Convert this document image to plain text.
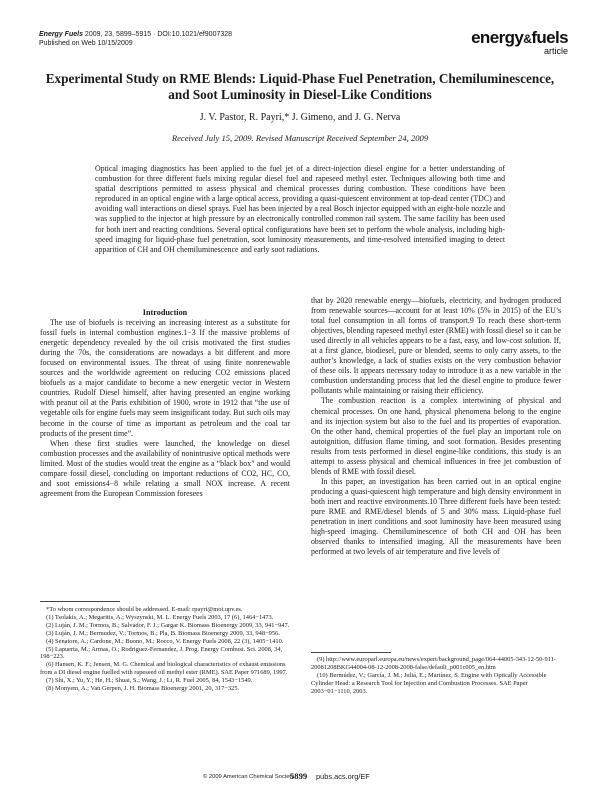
Energy Fuels 2009, 23, 5899–5915 · DOI:10.1021/ef9007328
Published on Web 10/15/2009	energy&fuels
article
Experimental Study on RME Blends: Liquid-Phase Fuel Penetration, Chemiluminescence, and Soot Luminosity in Diesel-Like Conditions
J. V. Pastor, R. Payri,* J. Gimeno, and J. G. Nerva
Received July 15, 2009. Revised Manuscript Received September 24, 2009
Optical imaging diagnostics has been applied to the fuel jet of a direct-injection diesel engine for a better understanding of combustion for three different fuels mixing regular diesel fuel and rapeseed methyl ester. Techniques allowing both time and spatial descriptions permitted to assess physical and chemical processes during combustion. These conditions have been reproduced in an optical engine with a large optical access, providing a quasi-quiescent environment at top-dead center (TDC) and avoiding wall interactions on diesel sprays. Fuel has been injected by a real Bosch injector equipped with an eight-hole nozzle and was supplied to the injector at high pressure by an electronically controlled common rail system. The same facility has been used for both inert and reacting conditions. Several optical configurations have been set to perform the whole analysis, including high-speed imaging for liquid-phase fuel penetration, soot luminosity measurements, and time-resolved intensified imaging to detect apparition of CH and OH chemiluminescence and early soot radiations.

Introduction

The use of biofuels is receiving an increasing interest as a substitute for fossil fuels in internal combustion engines.1−3 If the massive problems of energetic dependency revealed by the oil crisis motivated the first studies during the 70s, the considerations are nowadays a bit different and more focused on environmental issues. The threat of using finite nonrenewable sources and the worldwide agreement on reducing CO2 emissions placed biofuels as a major candidate to become a new energetic vector in Western countries. Rudolf Diesel himself, after having presented an engine working with peanut oil at the Paris exhibition of 1900, wrote in 1912 that “the use of vegetable oils for engine fuels may seem insignificant today. But such oils may become in the course of time as important as petroleum and the coal tar products of the present time”.

When these first studies were launched, the knowledge on diesel combustion processes and the availability of nonintrusive optical methods were limited. Most of the studies would treat the engine as a “black box” and would compare fossil diesel, concluding on important reductions of CO2, HC, CO, and soot emissions4−8 while relating a small NOX increase. A recent agreement from the European Commission foresees

that by 2020 renewable energy—biofuels, electricity, and hydrogen produced from renewable sources—account for at least 10% (5% in 2015) of the EU’s total fuel consumption in all forms of transport.9 To reach these short-term objectives, blending rapeseed methyl ester (RME) with fossil diesel so it can be used directly in all vehicles appears to be a fast, easy, and low-cost solution. If, at a first glance, biodiesel, pure or blended, seems to only carry assets, to the author’s knowledge, a lack of studies exists on the very combustion behavior of these oils. It appears necessary today to introduce it as a new variable in the combustion understanding process that led the diesel engine to produce fewer pollutants while maintaining or raising their efficiency.

The combustion reaction is a complex intertwining of physical and chemical processes. On one hand, physical phenomena belong to the engine and its injection system but also to the fuel and its properties of evaporation. On the other hand, chemical properties of the fuel play an important role on autoignition, diffusion flame timing, and soot formation. Besides presenting results from tests performed in diesel engine-like conditions, this study is an attempt to assess physical and chemical influences in free jet combustion of blends of RME with fossil diesel.

In this paper, an investigation has been carried out in an optical engine producing a quasi-quiescent high temperature and high density environment in both inert and reactive environments.10 Three different fuels have been tested: pure RME and RME/diesel blends of 5 and 30% mass. Liquid-phase fuel penetration in inert conditions and soot luminosity have been measured using high-speed imaging. Chemiluminescence of both CH and OH has been observed thanks to intensified imaging. All the measurements have been performed at two levels of air temperature and five levels of

*To whom correspondence should be addressed. E-mail: rpayri@mot.upv.es.
(1) Tsolakis, A.; Megaritis, A.; Wyszynski, M. L. Energy Fuels 2003, 17 (6), 1464−1473.
(2) Luján, J. M.; Tormos, B.; Salvador, F. J.; Gargar K. Biomass Bioenergy 2009, 33, 941−947.
(3) Luján, J. M.; Bermudez, V.; Tormos, B.; Pla, B. Biomass Bioenergy 2009, 33, 948−956.
(4) Senatore, A.; Cardone, M.; Buono, M.; Rocco, V. Energy Fuels 2008, 22 (3), 1405−1410.
(5) Lapuerta, M.; Armas, O.; Rodriguez-Fernandez, J. Prog. Energy Combust. Sci. 2008, 34, 198−223.
(6) Hansen, K. F.; Jensen, M. G. Chemical and biological characteristics of exhaust emissions from a DI diesel engine fuelled with rapeseed oil methyl ester (RME). SAE Paper 971689, 1997.
(7) Shi, X.; Yu, Y.; He, H.; Shuai, S.; Wang, J.; Li, R. Fuel 2005, 84, 1543−1549.
(8) Monyem, A.; Van Gerpen, J. H. Biomass Bioenergy 2001, 20, 317−325.
(9) http://www.europarl.europa.eu/news/expert/background_page/064-44005-343-12-50-911-20081208BKG44004-08-12-2008-2008-false/default_p001c005_en.htm
(10) Bermúdez, V.; García, J. M.; Juliá, E.; Martínez, S. Engine with Optically Accessible Cylinder Head: a Research Tool for Injection and Combustion Processes. SAE Paper 2003−01−1110, 2003.
© 2009 American Chemical Society
5899 pubs.acs.org/EF
